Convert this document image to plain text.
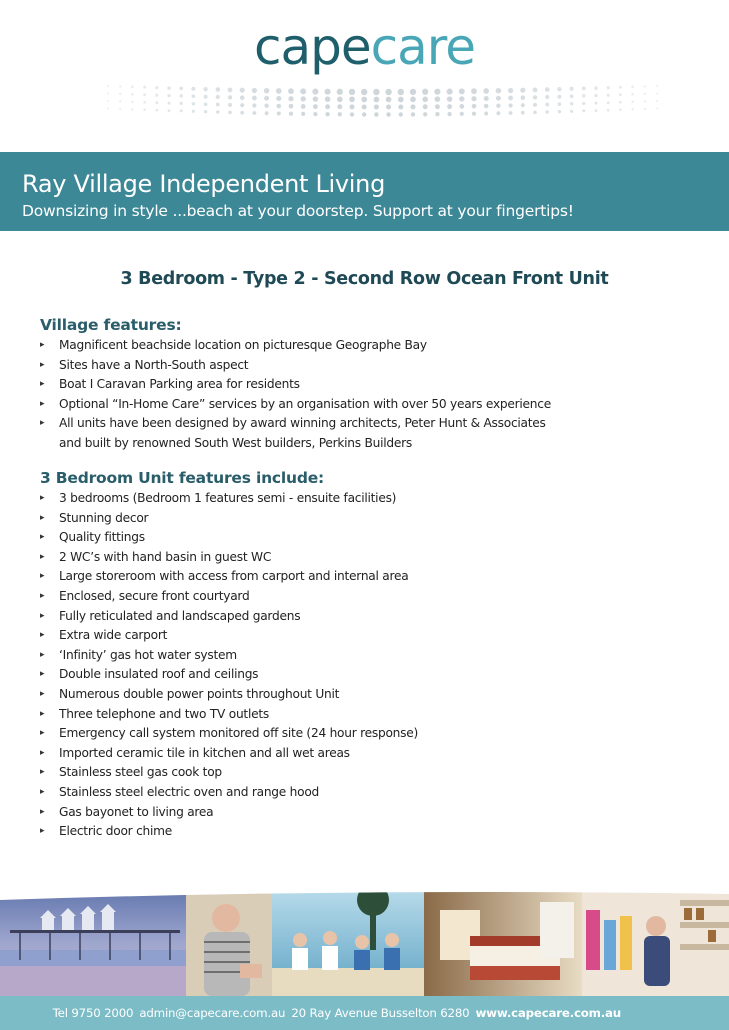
capecare
Ray Village Independent Living
Downsizing in style ...beach at your doorstep. Support at your fingertips!
3 Bedroom - Type 2 - Second Row Ocean Front Unit
Village features:
▸ Magnificent beachside location on picturesque Geographe Bay
▸ Sites have a North-South aspect
▸ Boat I Caravan Parking area for residents
▸ Optional “In-Home Care” services by an organisation with over 50 years experience
▸ All units have been designed by award winning architects, Peter Hunt & Associates
and built by renowned South West builders, Perkins Builders
3 Bedroom Unit features include:
▸ 3 bedrooms (Bedroom 1 features semi - ensuite facilities)
▸ Stunning decor
▸ Quality fittings
▸ 2 WC’s with hand basin in guest WC
▸ Large storeroom with access from carport and internal area
▸ Enclosed, secure front courtyard
▸ Fully reticulated and landscaped gardens
▸ Extra wide carport
▸ ‘Infinity’ gas hot water system
▸ Double insulated roof and ceilings
▸ Numerous double power points throughout Unit
▸ Three telephone and two TV outlets
▸ Emergency call system monitored off site (24 hour response)
▸ Imported ceramic tile in kitchen and all wet areas
▸ Stainless steel gas cook top
▸ Stainless steel electric oven and range hood
▸ Gas bayonet to living area
▸ Electric door chime
Tel 9750 2000 admin@capecare.com.au 20 Ray Avenue Busselton 6280 www.capecare.com.au
